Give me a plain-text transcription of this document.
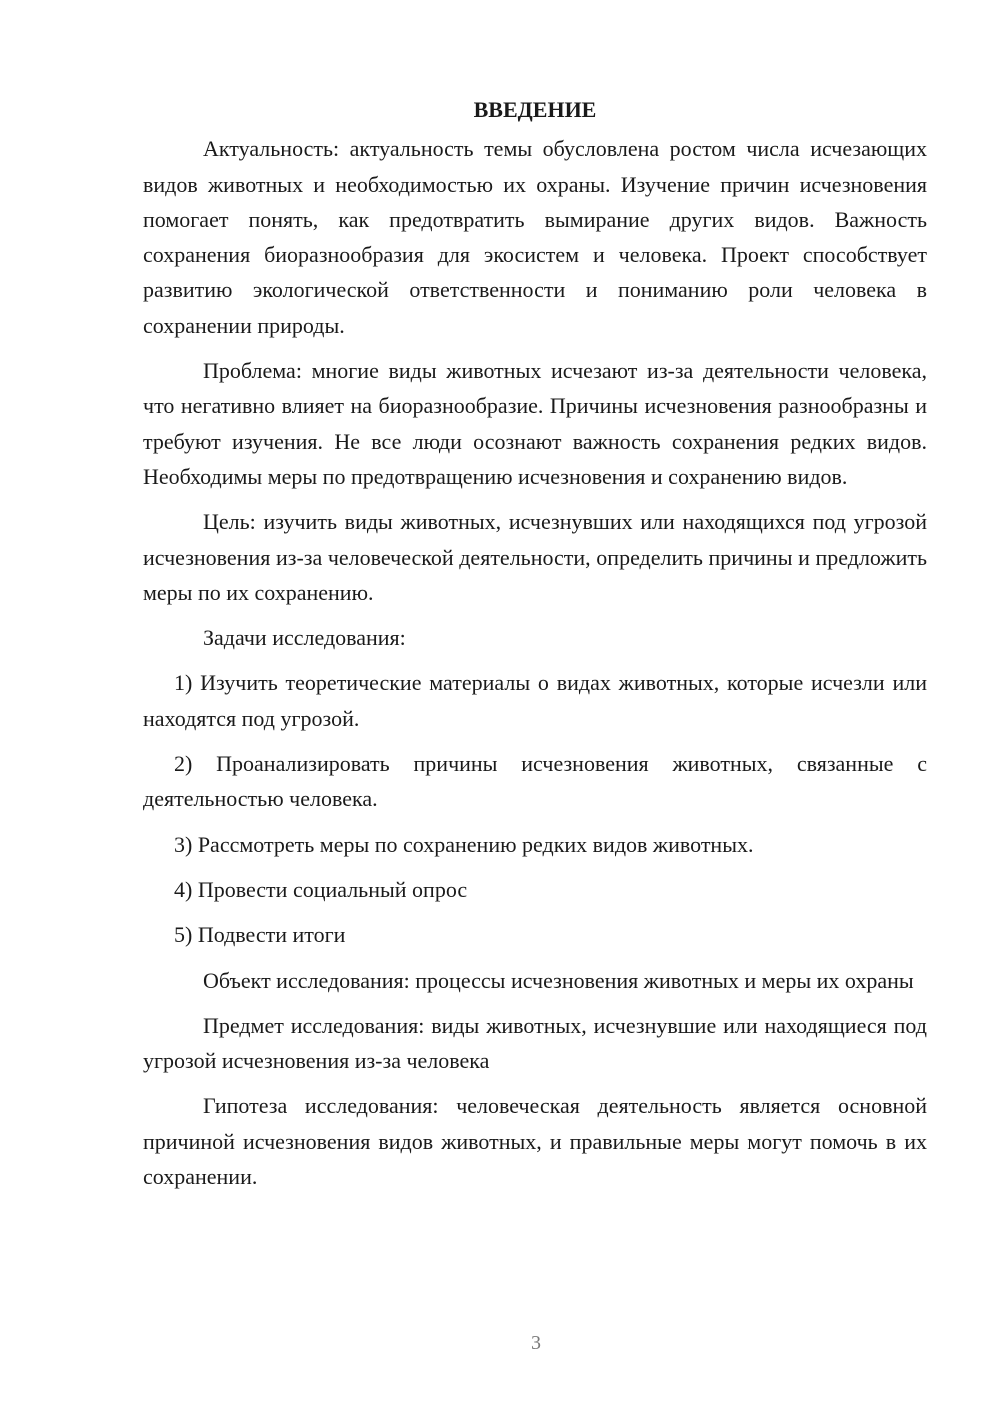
ВВЕДЕНИЕ

Актуальность: актуальность темы обусловлена ростом числа исчезающих видов животных и необходимостью их охраны. Изучение причин исчезновения помогает понять, как предотвратить вымирание других видов. Важность сохранения биоразнообразия для экосистем и человека. Проект способствует развитию экологической ответственности и пониманию роли человека в сохранении природы.

Проблема: многие виды животных исчезают из-за деятельности человека, что негативно влияет на биоразнообразие. Причины исчезновения разнообразны и требуют изучения. Не все люди осознают важность сохранения редких видов. Необходимы меры по предотвращению исчезновения и сохранению видов.

Цель: изучить виды животных, исчезнувших или находящихся под угрозой исчезновения из-за человеческой деятельности, определить причины и предложить меры по их сохранению.

Задачи исследования:

1) Изучить теоретические материалы о видах животных, которые исчезли или находятся под угрозой.

2) Проанализировать причины исчезновения животных, связанные с деятельностью человека.

3) Рассмотреть меры по сохранению редких видов животных.

4) Провести социальный опрос

5) Подвести итоги

Объект исследования: процессы исчезновения животных и меры их охраны

Предмет исследования: виды животных, исчезнувшие или находящиеся под угрозой исчезновения из-за человека

Гипотеза исследования: человеческая деятельность является основной причиной исчезновения видов животных, и правильные меры могут помочь в их сохранении.

3
